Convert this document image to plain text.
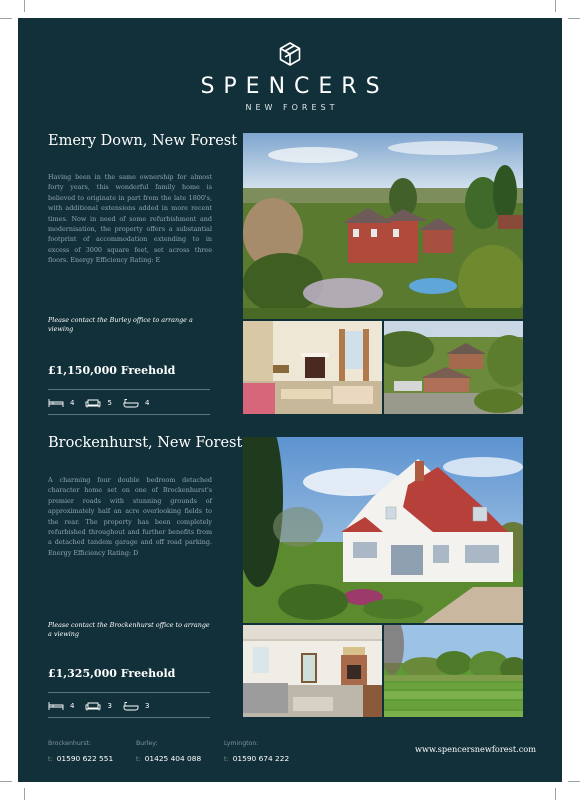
SPENCERS
NEW FOREST
Emery Down, New Forest
Having been in the same ownership for almost forty years, this wonderful family home is believed to originate in part from the late 1800's, with additional extensions added in more recent times. Now in need of some refurbishment and modernisation, the property offers a substantial footprint of accommodation extending to in excess of 3000 square feet, set across three floors. Energy Efficiency Rating: E
Please contact the Burley office to arrange a viewing
£1,150,000 Freehold
4	5	4
Brockenhurst, New Forest
A charming four double bedroom detached character home set on one of Brockenhurst's premier roads with stunning grounds of approximately half an acre overlooking fields to the rear. The property has been completely refurbished throughout and further benefits from a detached tandem garage and off road parking. Energy Efficiency Rating: D
Please contact the Brockenhurst office to arrange a viewing
£1,325,000 Freehold
4	3	3
Brockenhurst:
t: 01590 622 551
Burley:
t: 01425 404 088
Lymington:
t: 01590 674 222
www.spencersnewforest.com
